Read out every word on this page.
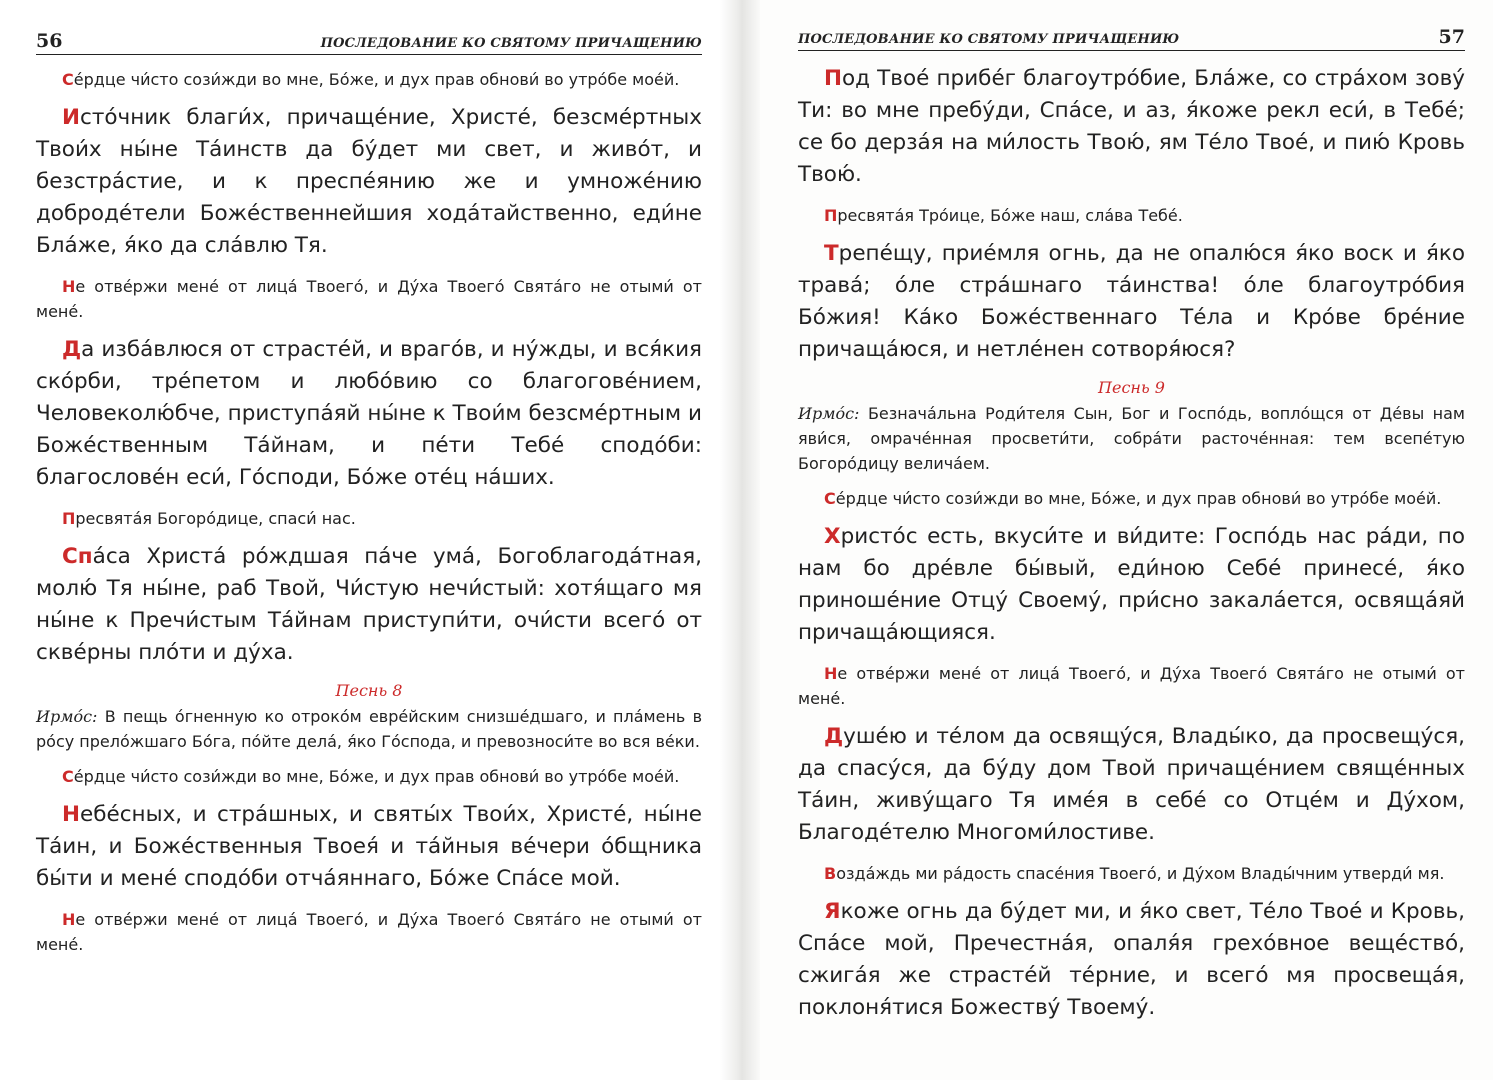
56	ПОСЛЕДОВАНИЕ КО СВЯТОМУ ПРИЧАЩЕНИЮ

Се́рдце чи́сто сози́жди во мне, Бо́же, и дух прав обнови́ во утро́бе мое́й.

Исто́чник благи́х, причаще́ние, Христе́, безсме́ртных Твои́х ны́не Та́инств да бу́дет ми свет, и живо́т, и безстра́стие, и к преспе́янию же и умноже́нию доброде́тели Боже́ственнейшия хода́тайственно, еди́не Бла́же, я́ко да сла́влю Тя.

Не отве́ржи мене́ от лица́ Твоего́, и Ду́ха Твоего́ Свята́го не отыми́ от мене́.

Да изба́влюся от страсте́й, и враго́в, и ну́жды, и вся́кия ско́рби, тре́петом и любо́вию со благогове́нием, Человеколю́бче, приступа́яй ны́не к Твои́м безсме́ртным и Боже́ственным Та́йнам, и пе́ти Тебе́ сподо́би: благослове́н еси́, Го́споди, Бо́же оте́ц на́ших.

Пресвята́я Богоро́дице, спаси́ нас.

Спа́са Христа́ ро́ждшая па́че ума́, Богоблагода́тная, молю́ Тя ны́не, раб Твой, Чи́стую нечи́стый: хотя́щаго мя ны́не к Пречи́стым Та́йнам приступи́ти, очи́сти всего́ от скве́рны пло́ти и ду́ха.

Песнь 8

Ирмо́с: В пещь о́гненную ко отроко́м евре́йским снизше́дшаго, и пла́мень в ро́су прело́жшаго Бо́га, по́йте дела́, я́ко Го́спода, и превозноси́те во вся ве́ки.

Се́рдце чи́сто сози́жди во мне, Бо́же, и дух прав обнови́ во утро́бе мое́й.

Небе́сных, и стра́шных, и святы́х Твои́х, Христе́, ны́не Та́ин, и Боже́ственныя Твоея́ и та́йныя ве́чери о́бщника бы́ти и мене́ сподо́би отча́яннаго, Бо́же Спа́се мой.

Не отве́ржи мене́ от лица́ Твоего́, и Ду́ха Твоего́ Свята́го не отыми́ от мене́.

ПОСЛЕДОВАНИЕ КО СВЯТОМУ ПРИЧАЩЕНИЮ	57

Под Твое́ прибе́г благоутро́бие, Бла́же, со стра́хом зову́ Ти: во мне пребу́ди, Спа́се, и аз, я́коже рекл еси́, в Тебе́; се бо дерза́я на ми́лость Твою́, ям Те́ло Твое́, и пию́ Кровь Твою́.

Пресвята́я Тро́ице, Бо́же наш, сла́ва Тебе́.

Трепе́щу, прие́мля огнь, да не опалю́ся я́ко воск и я́ко трава́; о́ле стра́шнаго та́инства! о́ле благоутро́бия Бо́жия! Ка́ко Боже́ственнаго Те́ла и Кро́ве бре́ние причаща́юся, и нетле́нен сотворя́юся?

Песнь 9

Ирмо́с: Безнача́льна Роди́теля Сын, Бог и Госпо́дь, вопло́щся от Де́вы нам яви́ся, омраче́нная просвети́ти, собра́ти расточе́нная: тем всепе́тую Богоро́дицу велича́ем.

Се́рдце чи́сто сози́жди во мне, Бо́же, и дух прав обнови́ во утро́бе мое́й.

Христо́с есть, вкуси́те и ви́дите: Госпо́дь нас ра́ди, по нам бо дре́вле бы́вый, еди́ною Себе́ принесе́, я́ко приноше́ние Отцу́ Своему́, при́сно закала́ется, освяща́яй причаща́ющияся.

Не отве́ржи мене́ от лица́ Твоего́, и Ду́ха Твоего́ Свята́го не отыми́ от мене́.

Душе́ю и те́лом да освящу́ся, Влады́ко, да просвещу́ся, да спасу́ся, да бу́ду дом Твой причаще́нием свяще́нных Та́ин, живу́щаго Тя име́я в себе́ со Отце́м и Ду́хом, Благоде́телю Многоми́лостиве.

Возда́ждь ми ра́дость спасе́ния Твоего́, и Ду́хом Влады́чним утверди́ мя.

Якоже огнь да бу́дет ми, и я́ко свет, Те́ло Твое́ и Кровь, Спа́се мой, Пречестна́я, опаля́я грехо́вное веще́ство́, сжига́я же страсте́й те́рние, и всего́ мя просвеща́я, поклоня́тися Божеству́ Твоему́.
